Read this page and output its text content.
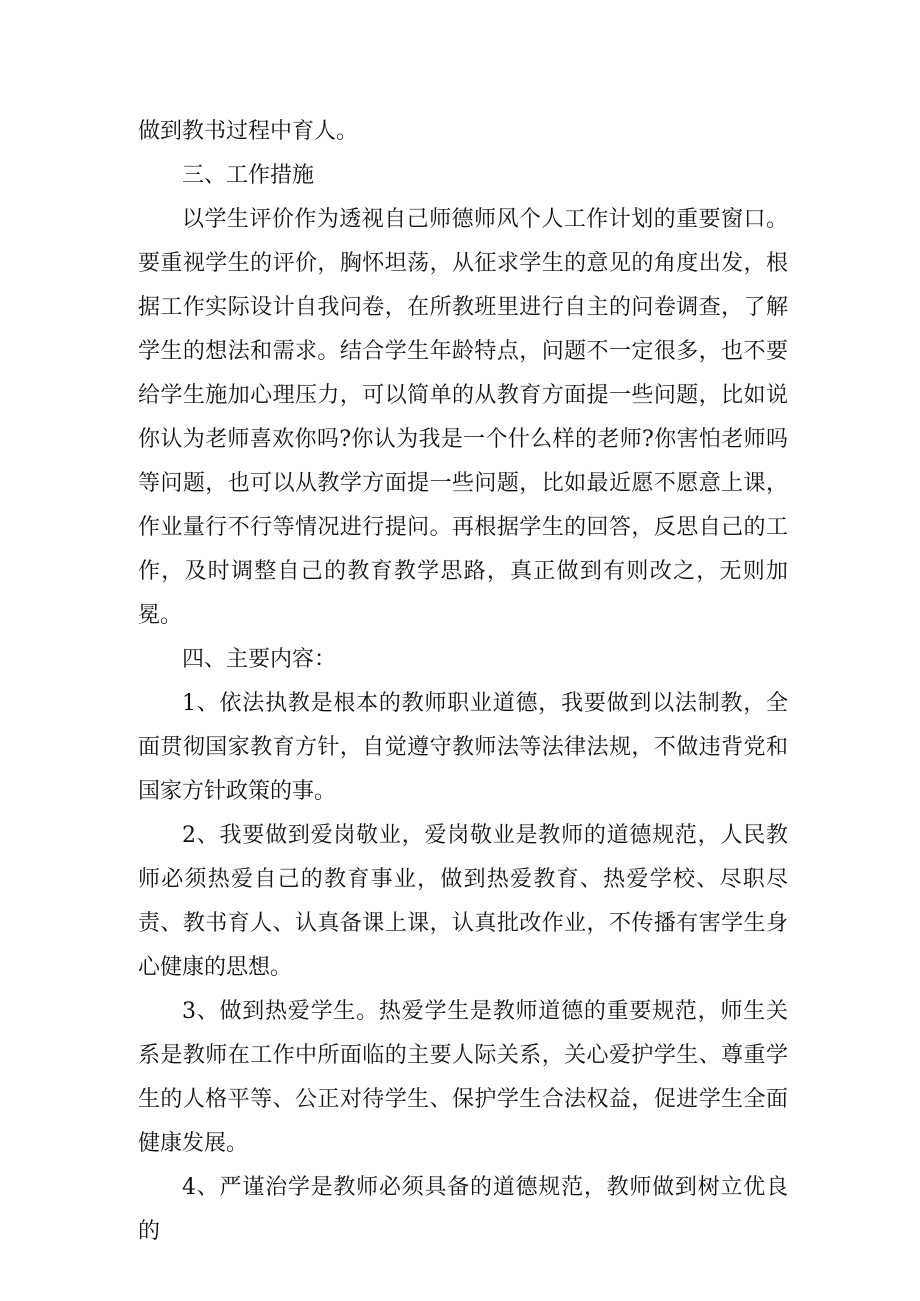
做到教书过程中育人。

三、工作措施

以学生评价作为透视自己师德师风个人工作计划的重要窗口。要重视学生的评价，胸怀坦荡，从征求学生的意见的角度出发，根据工作实际设计自我问卷，在所教班里进行自主的问卷调查，了解学生的想法和需求。结合学生年龄特点，问题不一定很多，也不要给学生施加心理压力，可以简单的从教育方面提一些问题，比如说你认为老师喜欢你吗?你认为我是一个什么样的老师?你害怕老师吗等问题，也可以从教学方面提一些问题，比如最近愿不愿意上课，作业量行不行等情况进行提问。再根据学生的回答，反思自己的工作，及时调整自己的教育教学思路，真正做到有则改之，无则加冕。

四、主要内容：

1、依法执教是根本的教师职业道德，我要做到以法制教，全面贯彻国家教育方针，自觉遵守教师法等法律法规，不做违背党和国家方针政策的事。

2、我要做到爱岗敬业，爱岗敬业是教师的道德规范，人民教师必须热爱自己的教育事业，做到热爱教育、热爱学校、尽职尽责、教书育人、认真备课上课，认真批改作业，不传播有害学生身心健康的思想。

3、做到热爱学生。热爱学生是教师道德的重要规范，师生关系是教师在工作中所面临的主要人际关系，关心爱护学生、尊重学生的人格平等、公正对待学生、保护学生合法权益，促进学生全面健康发展。

4、严谨治学是教师必须具备的道德规范，教师做到树立优良的
